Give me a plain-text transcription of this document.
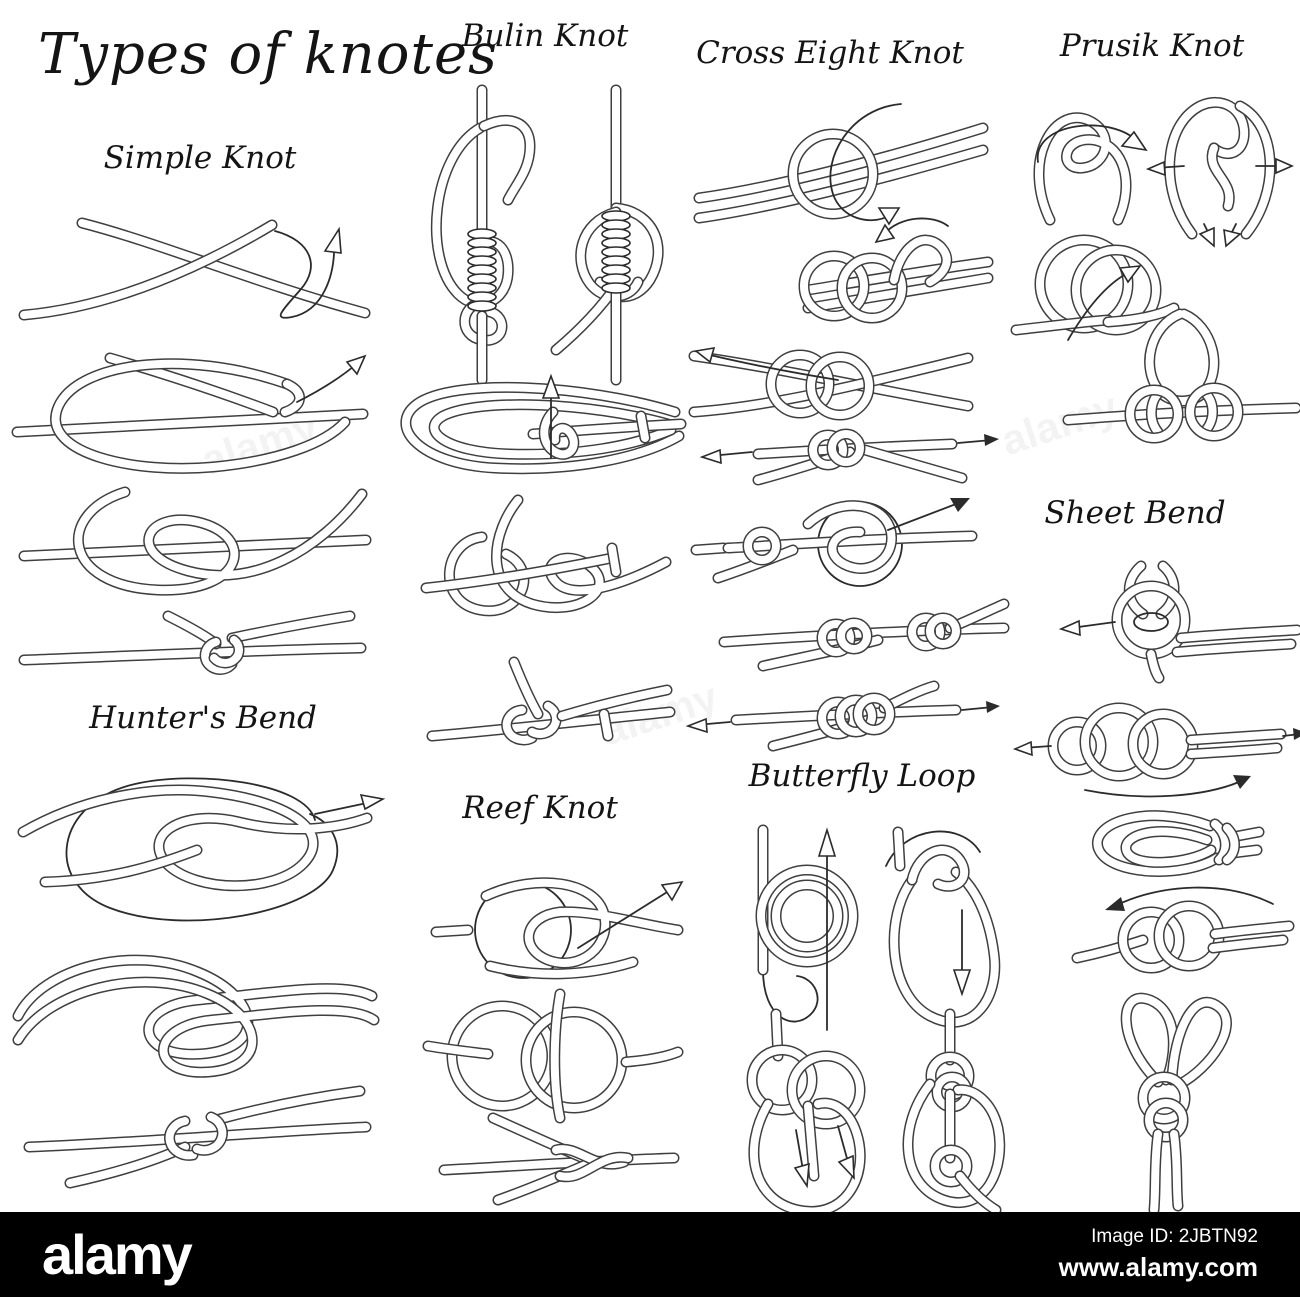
Types of knotes
Simple Knot
Hunter's Bend
Bulin Knot
Reef Knot
Cross Eight Knot
Butterfly Loop
Prusik Knot
Sheet Bend
alamy	Image ID: 2JBTN92
www.alamy.com
